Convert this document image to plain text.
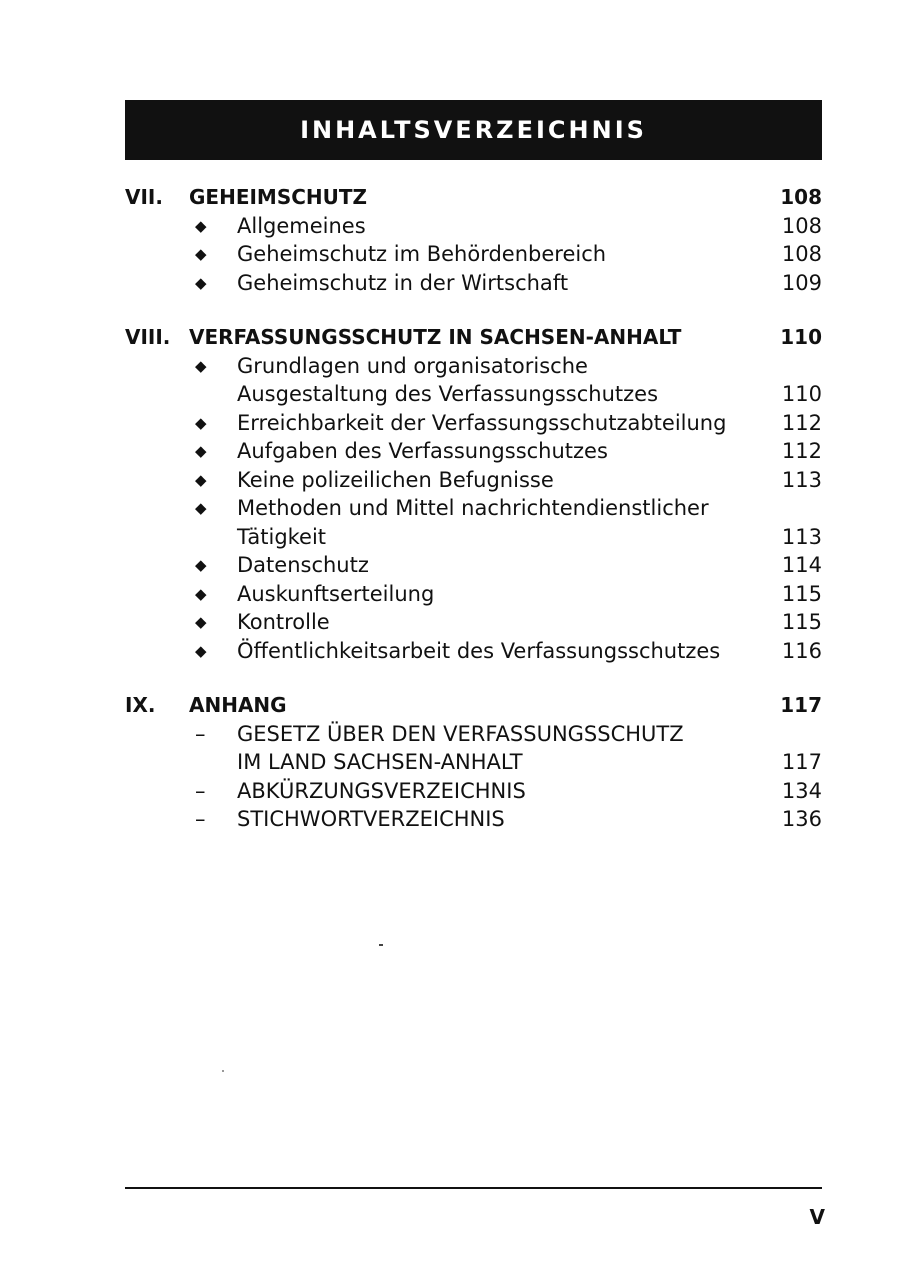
INHALTSVERZEICHNIS
VII.	GEHEIMSCHUTZ	108
◆	Allgemeines	108
◆	Geheimschutz im Behördenbereich	108
◆	Geheimschutz in der Wirtschaft	109
VIII. VERFASSUNGSSCHUTZ IN SACHSEN-ANHALT	110
◆	Grundlagen und organisatorische
Ausgestaltung des Verfassungsschutzes	110
◆	Erreichbarkeit der Verfassungsschutzabteilung	112
◆	Aufgaben des Verfassungsschutzes	112
◆	Keine polizeilichen Befugnisse	113
◆	Methoden und Mittel nachrichtendienstlicher
Tätigkeit	113
◆	Datenschutz	114
◆	Auskunftserteilung	115
◆	Kontrolle	115
◆	Öffentlichkeitsarbeit des Verfassungsschutzes	116
IX.	ANHANG	117
–	GESETZ ÜBER DEN VERFASSUNGSSCHUTZ
IM LAND SACHSEN-ANHALT	117
–	ABKÜRZUNGSVERZEICHNIS	134
–	STICHWORTVERZEICHNIS	136
V
